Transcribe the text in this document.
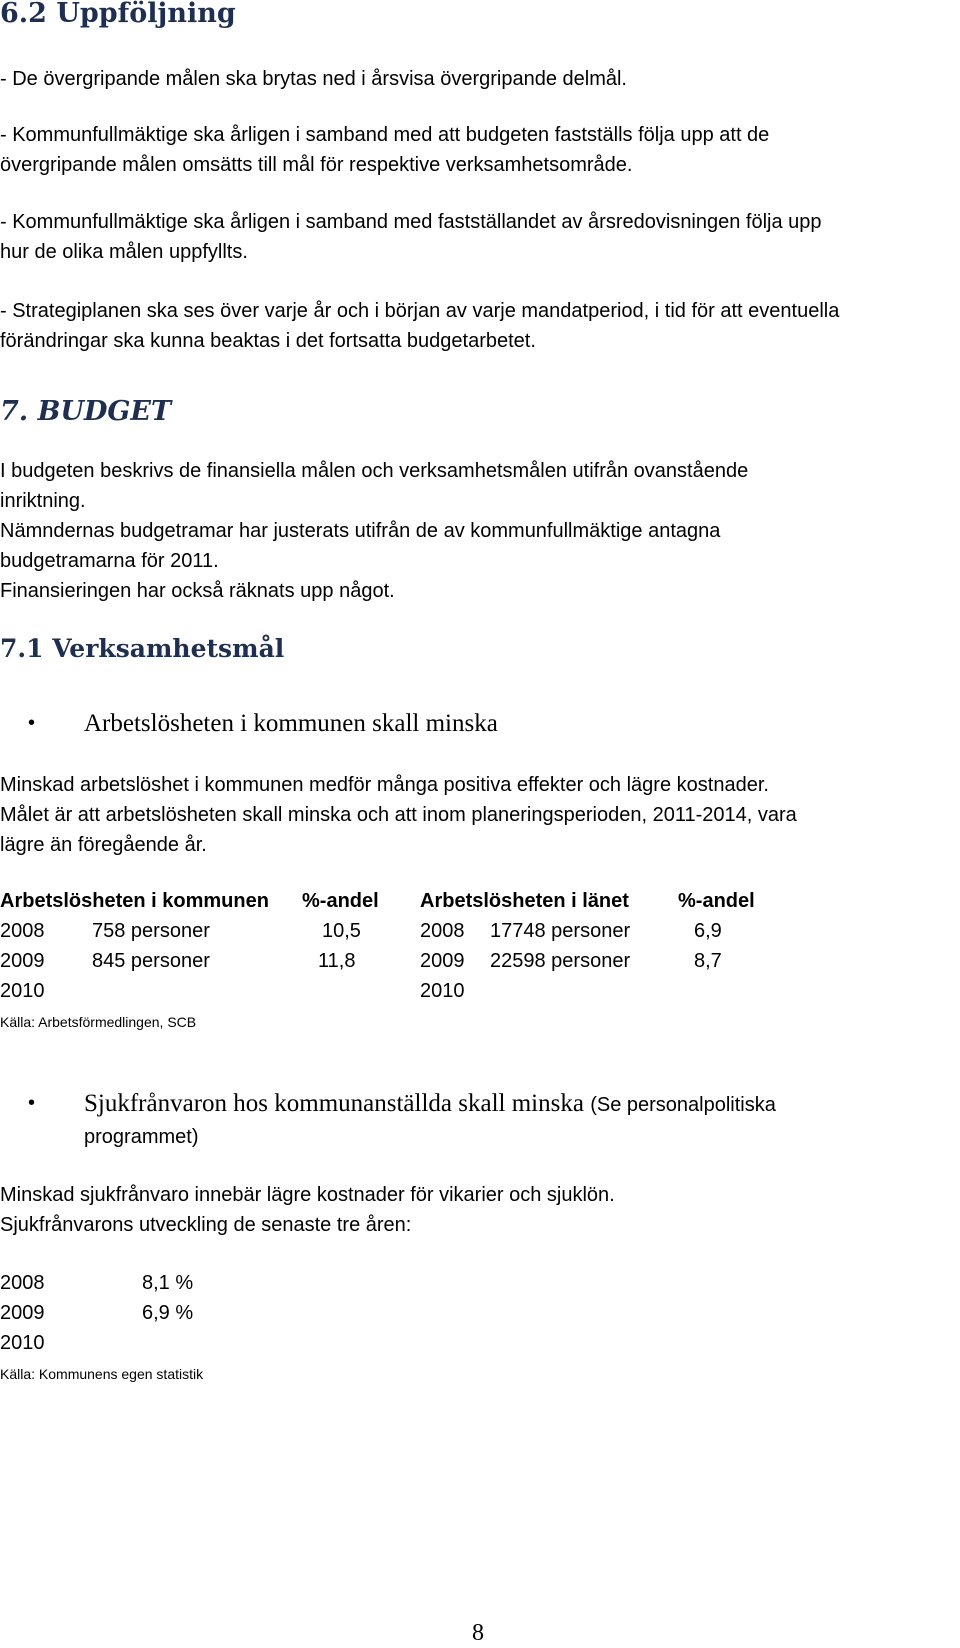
6.2 Uppföljning
- De övergripande målen ska brytas ned i årsvisa övergripande delmål.
- Kommunfullmäktige ska årligen i samband med att budgeten fastställs följa upp att de
övergripande målen omsätts till mål för respektive verksamhetsområde.
- Kommunfullmäktige ska årligen i samband med fastställandet av årsredovisningen följa upp
hur de olika målen uppfyllts.
- Strategiplanen ska ses över varje år och i början av varje mandatperiod, i tid för att eventuella
förändringar ska kunna beaktas i det fortsatta budgetarbetet.
7. BUDGET
I budgeten beskrivs de finansiella målen och verksamhetsmålen utifrån ovanstående
inriktning.
Nämndernas budgetramar har justerats utifrån de av kommunfullmäktige antagna
budgetramarna för 2011.
Finansieringen har också räknats upp något.
7.1 Verksamhetsmål
• Arbetslösheten i kommunen skall minska
Minskad arbetslöshet i kommunen medför många positiva effekter och lägre kostnader.
Målet är att arbetslösheten skall minska och att inom planeringsperioden, 2011-2014, vara
lägre än föregående år.
Arbetslösheten i kommunen %-andel Arbetslösheten i länet %-andel
2008 758 personer	10,5	2008 17748 personer	6,9
2009 845 personer	11,8	2009 22598 personer	8,7
2010	2010
Källa: Arbetsförmedlingen, SCB
• Sjukfrånvaron hos kommunanställda skall minska (Se personalpolitiska
programmet)
Minskad sjukfrånvaro innebär lägre kostnader för vikarier och sjuklön.
Sjukfrånvarons utveckling de senaste tre åren:
2008	8,1 %
2009	6,9 %
2010
Källa: Kommunens egen statistik
8
